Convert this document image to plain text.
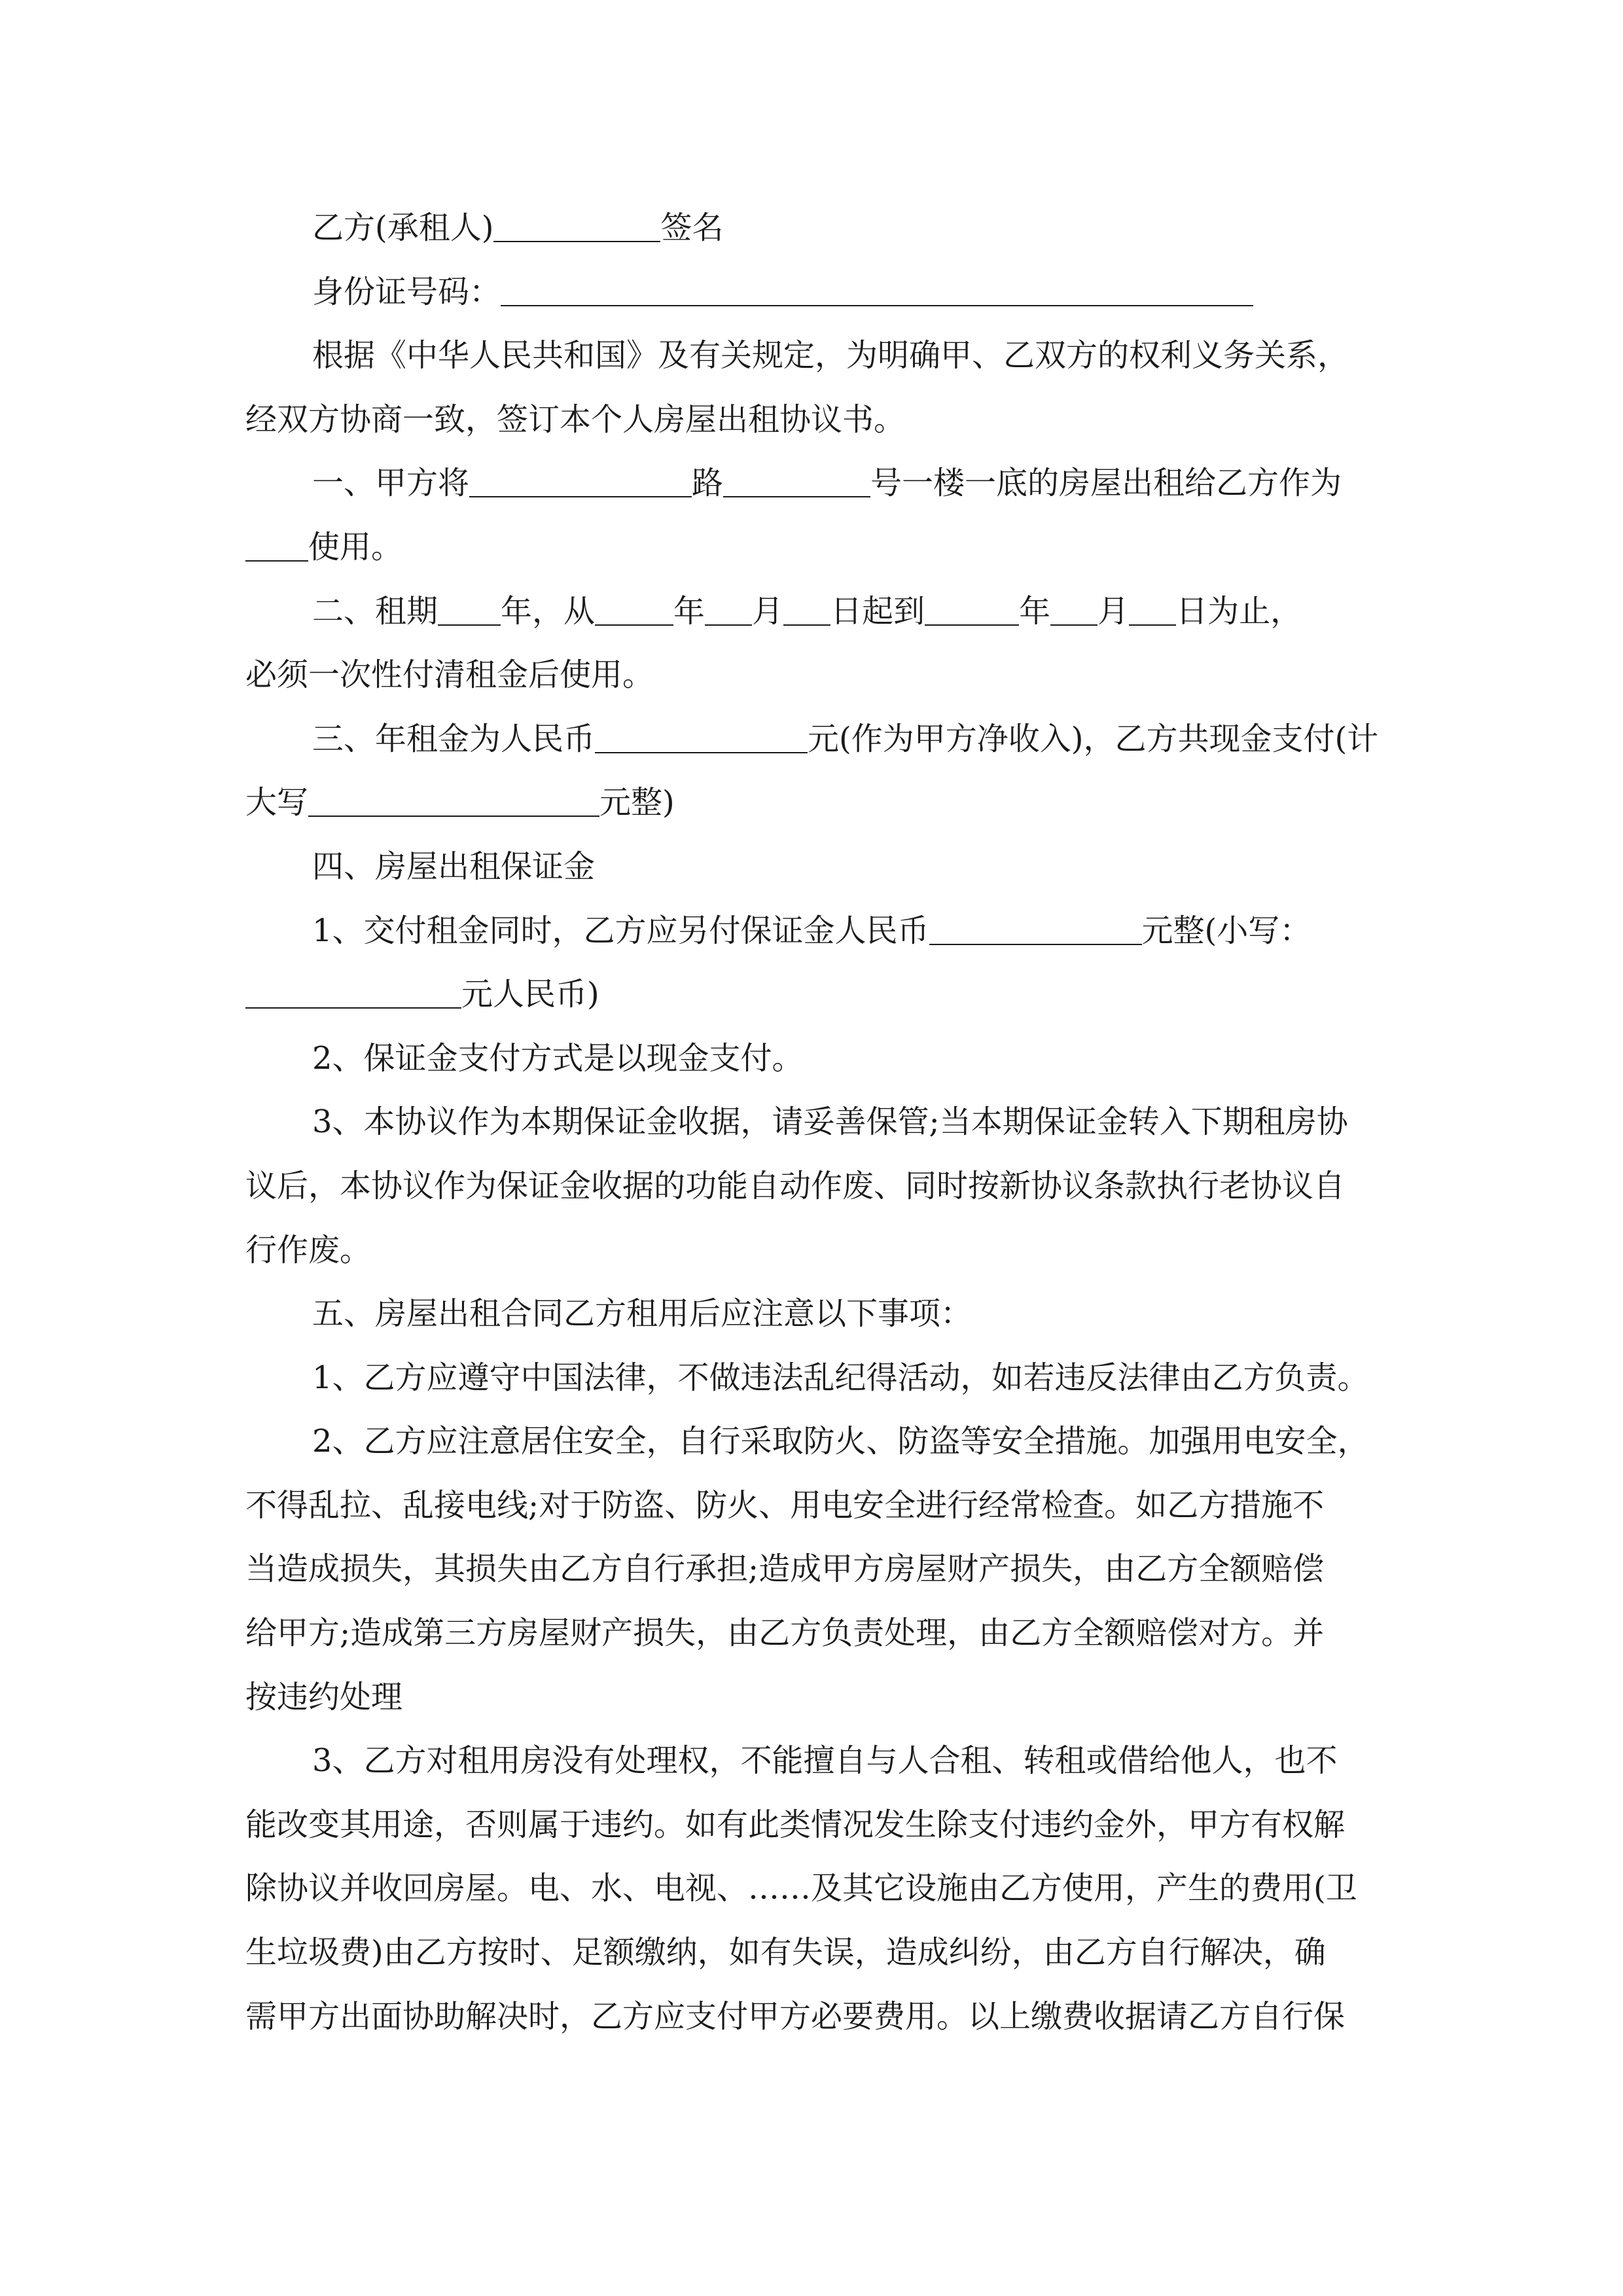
乙方(承租人)	签名
身份证号码：
根据《中华人民共和国》及有关规定，为明确甲、乙双方的权利义务关系，
经双方协商一致，签订本个人房屋出租协议书。
一、甲方将	路	号一楼一底的房屋出租给乙方作为
使用。
二、租期 年，从	年 月 日起到	年 月 日为止，
必须一次性付清租金后使用。
三、年租金为人民币	元(作为甲方净收入)，乙方共现金支付(计
大写	元整)
四、房屋出租保证金
1、交付租金同时，乙方应另付保证金人民币	元整(小写：
元人民币)
2、保证金支付方式是以现金支付。
3、本协议作为本期保证金收据，请妥善保管;当本期保证金转入下期租房协
议后，本协议作为保证金收据的功能自动作废、同时按新协议条款执行老协议自
行作废。
五、房屋出租合同乙方租用后应注意以下事项：
1、乙方应遵守中国法律，不做违法乱纪得活动，如若违反法律由乙方负责。
2、乙方应注意居住安全，自行采取防火、防盗等安全措施。加强用电安全，
不得乱拉、乱接电线;对于防盗、防火、用电安全进行经常检查。如乙方措施不
当造成损失，其损失由乙方自行承担;造成甲方房屋财产损失，由乙方全额赔偿
给甲方;造成第三方房屋财产损失，由乙方负责处理，由乙方全额赔偿对方。并
按违约处理
3、乙方对租用房没有处理权，不能擅自与人合租、转租或借给他人，也不
能改变其用途，否则属于违约。如有此类情况发生除支付违约金外，甲方有权解
除协议并收回房屋。电、水、电视、……及其它设施由乙方使用，产生的费用(卫
生垃圾费)由乙方按时、足额缴纳，如有失误，造成纠纷，由乙方自行解决，确
需甲方出面协助解决时，乙方应支付甲方必要费用。以上缴费收据请乙方自行保
